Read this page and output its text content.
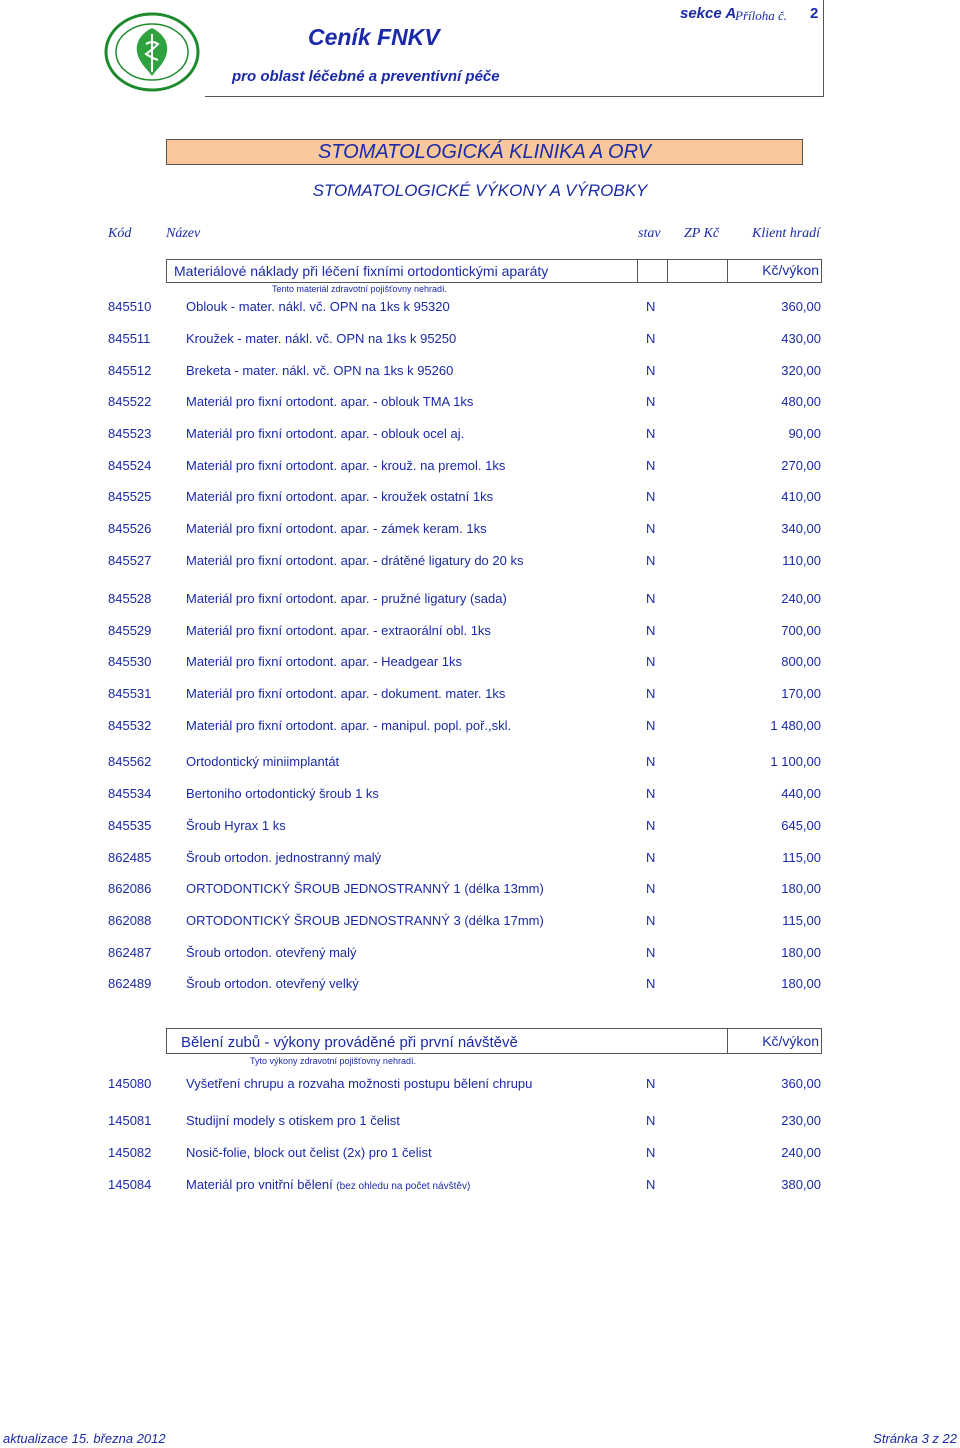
Ceník FNKV
pro oblast léčebné a preventivní péče
sekce A
Příloha č. 2
STOMATOLOGICKÁ KLINIKA A ORV
STOMATOLOGICKÉ VÝKONY A VÝROBKY
Kód Název	stav ZP Kč Klient hradí
Materiálové náklady při léčení fixními ortodontickými aparáty	Kč/výkon
Tento materiál zdravotní pojišťovny nehradí.
845510	Oblouk - mater. nákl. vč. OPN na 1ks k 95320	N	360,00
845511	Kroužek - mater. nákl. vč. OPN na 1ks k 95250	N	430,00
845512	Breketa - mater. nákl. vč. OPN na 1ks k 95260	N	320,00
845522	Materiál pro fixní ortodont. apar. - oblouk TMA 1ks	N	480,00
845523	Materiál pro fixní ortodont. apar. - oblouk ocel aj.	N	90,00
845524	Materiál pro fixní ortodont. apar. - krouž. na premol. 1ks	N	270,00
845525	Materiál pro fixní ortodont. apar. - kroužek ostatní 1ks	N	410,00
845526	Materiál pro fixní ortodont. apar. - zámek keram. 1ks	N	340,00
845527	Materiál pro fixní ortodont. apar. - drátěné ligatury do 20 ks	N	110,00
845528	Materiál pro fixní ortodont. apar. - pružné ligatury (sada)	N	240,00
845529	Materiál pro fixní ortodont. apar. - extraorální obl. 1ks	N	700,00
845530	Materiál pro fixní ortodont. apar. - Headgear 1ks	N	800,00
845531	Materiál pro fixní ortodont. apar. - dokument. mater. 1ks	N	170,00
845532	Materiál pro fixní ortodont. apar. - manipul. popl. poř.,skl.	N	1 480,00
845562	Ortodontický miniimplantát	N	1 100,00
845534	Bertoniho ortodontický šroub 1 ks	N	440,00
845535	Šroub Hyrax 1 ks	N	645,00
862485	Šroub ortodon. jednostranný malý	N	115,00
862086	ORTODONTICKÝ ŠROUB JEDNOSTRANNÝ 1 (délka 13mm)	N	180,00
862088	ORTODONTICKÝ ŠROUB JEDNOSTRANNÝ 3 (délka 17mm)	N	115,00
862487	Šroub ortodon. otevřený malý	N	180,00
862489	Šroub ortodon. otevřený velký	N	180,00
Bělení zubů - výkony prováděné při první návštěvě	Kč/výkon
Tyto výkony zdravotní pojišťovny nehradí.
145080	Vyšetření chrupu a rozvaha možnosti postupu bělení chrupu	N	360,00
145081	Studijní modely s otiskem pro 1 čelist	N	230,00
145082	Nosič-folie, block out čelist (2x) pro 1 čelist	N	240,00
145084	Materiál pro vnitřní bělení (bez ohledu na počet návštěv)	N	380,00
aktualizace 15. března 2012	Stránka 3 z 22
